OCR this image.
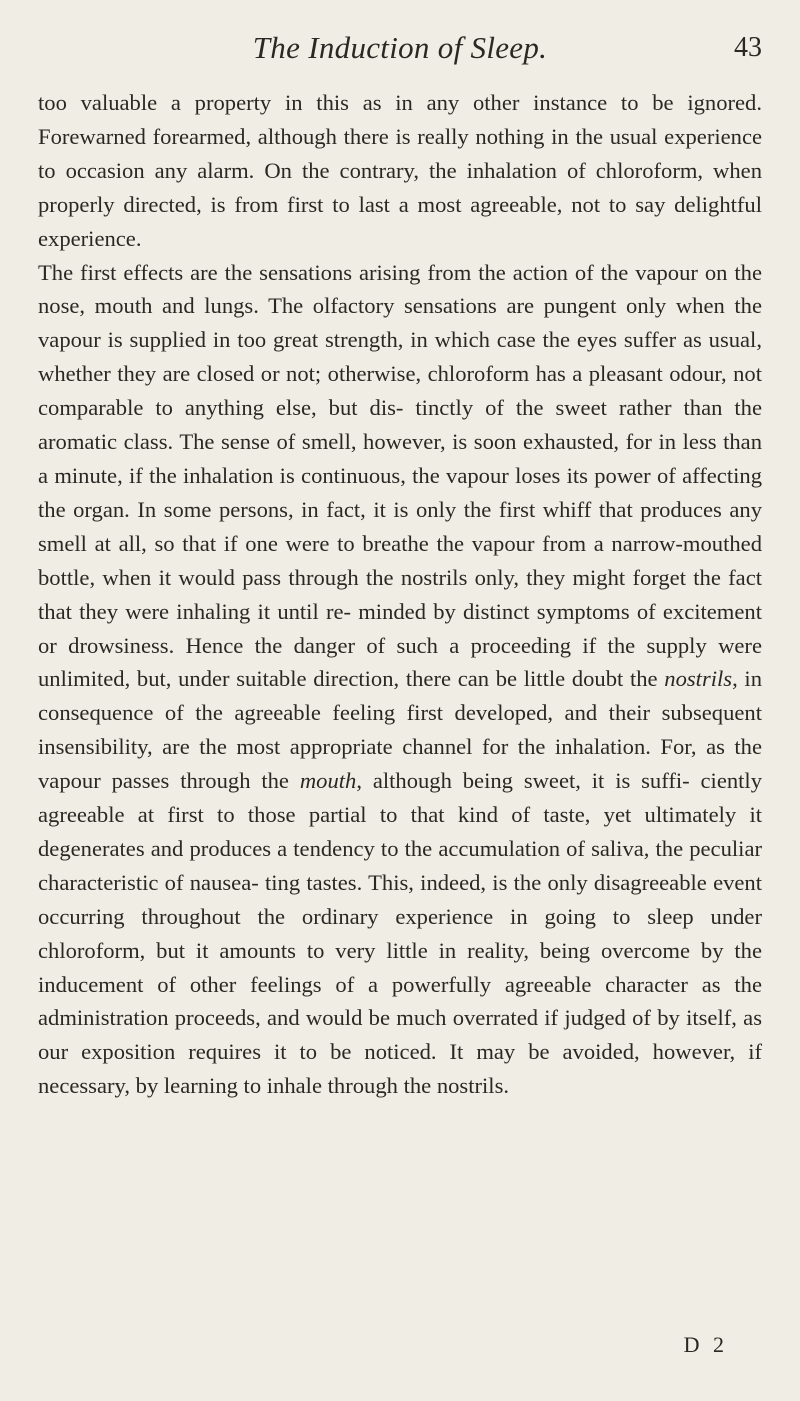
The Induction of Sleep.	43

too valuable a property in this as in any other instance to be ignored. Forewarned forearmed, although there is really nothing in the usual experience to occasion any alarm. On the contrary, the inhalation of chloroform, when properly directed, is from first to last a most agreeable, not to say delightful experience.

The first effects are the sensations arising from the action of the vapour on the nose, mouth and lungs. The olfactory sensations are pungent only when the vapour is supplied in too great strength, in which case the eyes suffer as usual, whether they are closed or not; otherwise, chloroform has a pleasant odour, not comparable to anything else, but dis- tinctly of the sweet rather than the aromatic class. The sense of smell, however, is soon exhausted, for in less than a minute, if the inhalation is continuous, the vapour loses its power of affecting the organ. In some persons, in fact, it is only the first whiff that produces any smell at all, so that if one were to breathe the vapour from a narrow-mouthed bottle, when it would pass through the nostrils only, they might forget the fact that they were inhaling it until re- minded by distinct symptoms of excitement or drowsiness. Hence the danger of such a proceeding if the supply were unlimited, but, under suitable direction, there can be little doubt the nostrils, in consequence of the agreeable feeling first developed, and their subsequent insensibility, are the most appropriate channel for the inhalation. For, as the vapour passes through the mouth, although being sweet, it is suffi- ciently agreeable at first to those partial to that kind of taste, yet ultimately it degenerates and produces a tendency to the accumulation of saliva, the peculiar characteristic of nausea- ting tastes. This, indeed, is the only disagreeable event occurring throughout the ordinary experience in going to sleep under chloroform, but it amounts to very little in reality, being overcome by the inducement of other feelings of a powerfully agreeable character as the administration proceeds, and would be much overrated if judged of by itself, as our exposition requires it to be noticed. It may be avoided, however, if necessary, by learning to inhale through the nostrils.

D 2
